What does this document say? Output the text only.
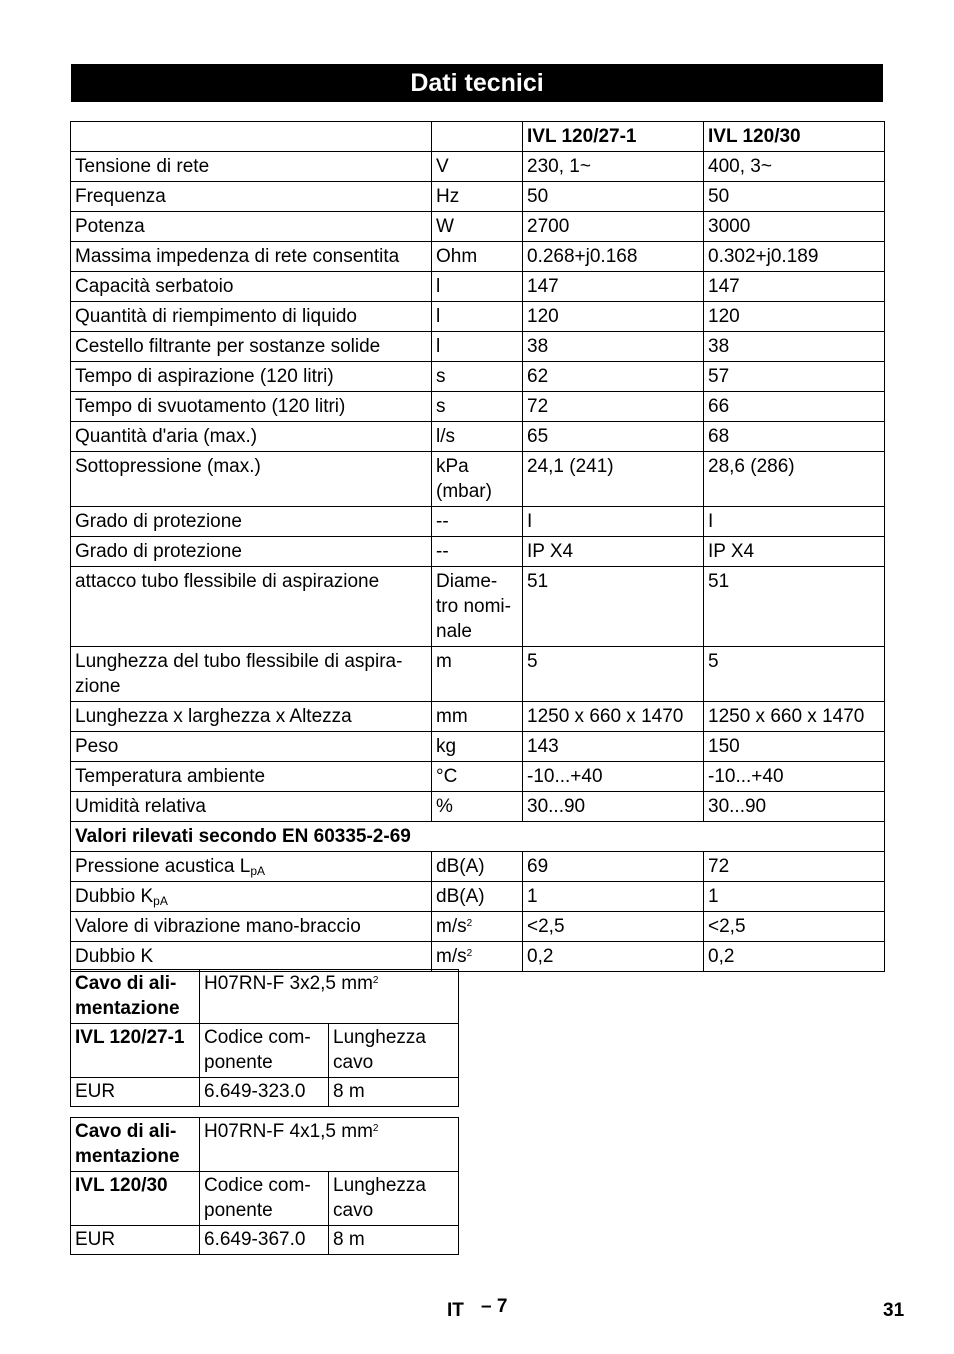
Dati tecnici
		IVL 120/27-1	IVL 120/30
Tensione di rete	V	230, 1~	400, 3~
Frequenza	Hz	50	50
Potenza	W	2700	3000
Massima impedenza di rete consentita	Ohm	0.268+j0.168	0.302+j0.189
Capacità serbatoio	l	147	147
Quantità di riempimento di liquido	l	120	120
Cestello filtrante per sostanze solide	l	38	38
Tempo di aspirazione (120 litri)	s	62	57
Tempo di svuotamento (120 litri)	s	72	66
Quantità d'aria (max.)	l/s	65	68
Sottopressione (max.)	kPa (mbar)	24,1 (241)	28,6 (286)
Grado di protezione	--	I	I
Grado di protezione	--	IP X4	IP X4
attacco tubo flessibile di aspirazione	Diame-tro nomi-nale	51	51
Lunghezza del tubo flessibile di aspira-zione	m	5	5
Lunghezza x larghezza x Altezza	mm	1250 x 660 x 1470	1250 x 660 x 1470
Peso	kg	143	150
Temperatura ambiente	°C	-10...+40	-10...+40
Umidità relativa	%	30...90	30...90
Valori rilevati secondo EN 60335-2-69			
Pressione acustica $L_{pA}$	dB(A)	69	72
Dubbio $K_{pA}$	dB(A)	1	1
Valore di vibrazione mano-braccio	$m/s^2$	<2,5	<2,5
Dubbio K	$m/s^2$	0,2	0,2
Cavo di ali-mentazione	H07RN-F 3x2,5 $mm^2$
IVL 120/27-1	Codice com-ponente	Lunghezza cavo
EUR	6.649-323.0	8 m
Cavo di ali-mentazione	H07RN-F 4x1,5 $mm^2$
IVL 120/30	Codice com-ponente	Lunghezza cavo
EUR	6.649-367.0	8 m
IT – 7	31
